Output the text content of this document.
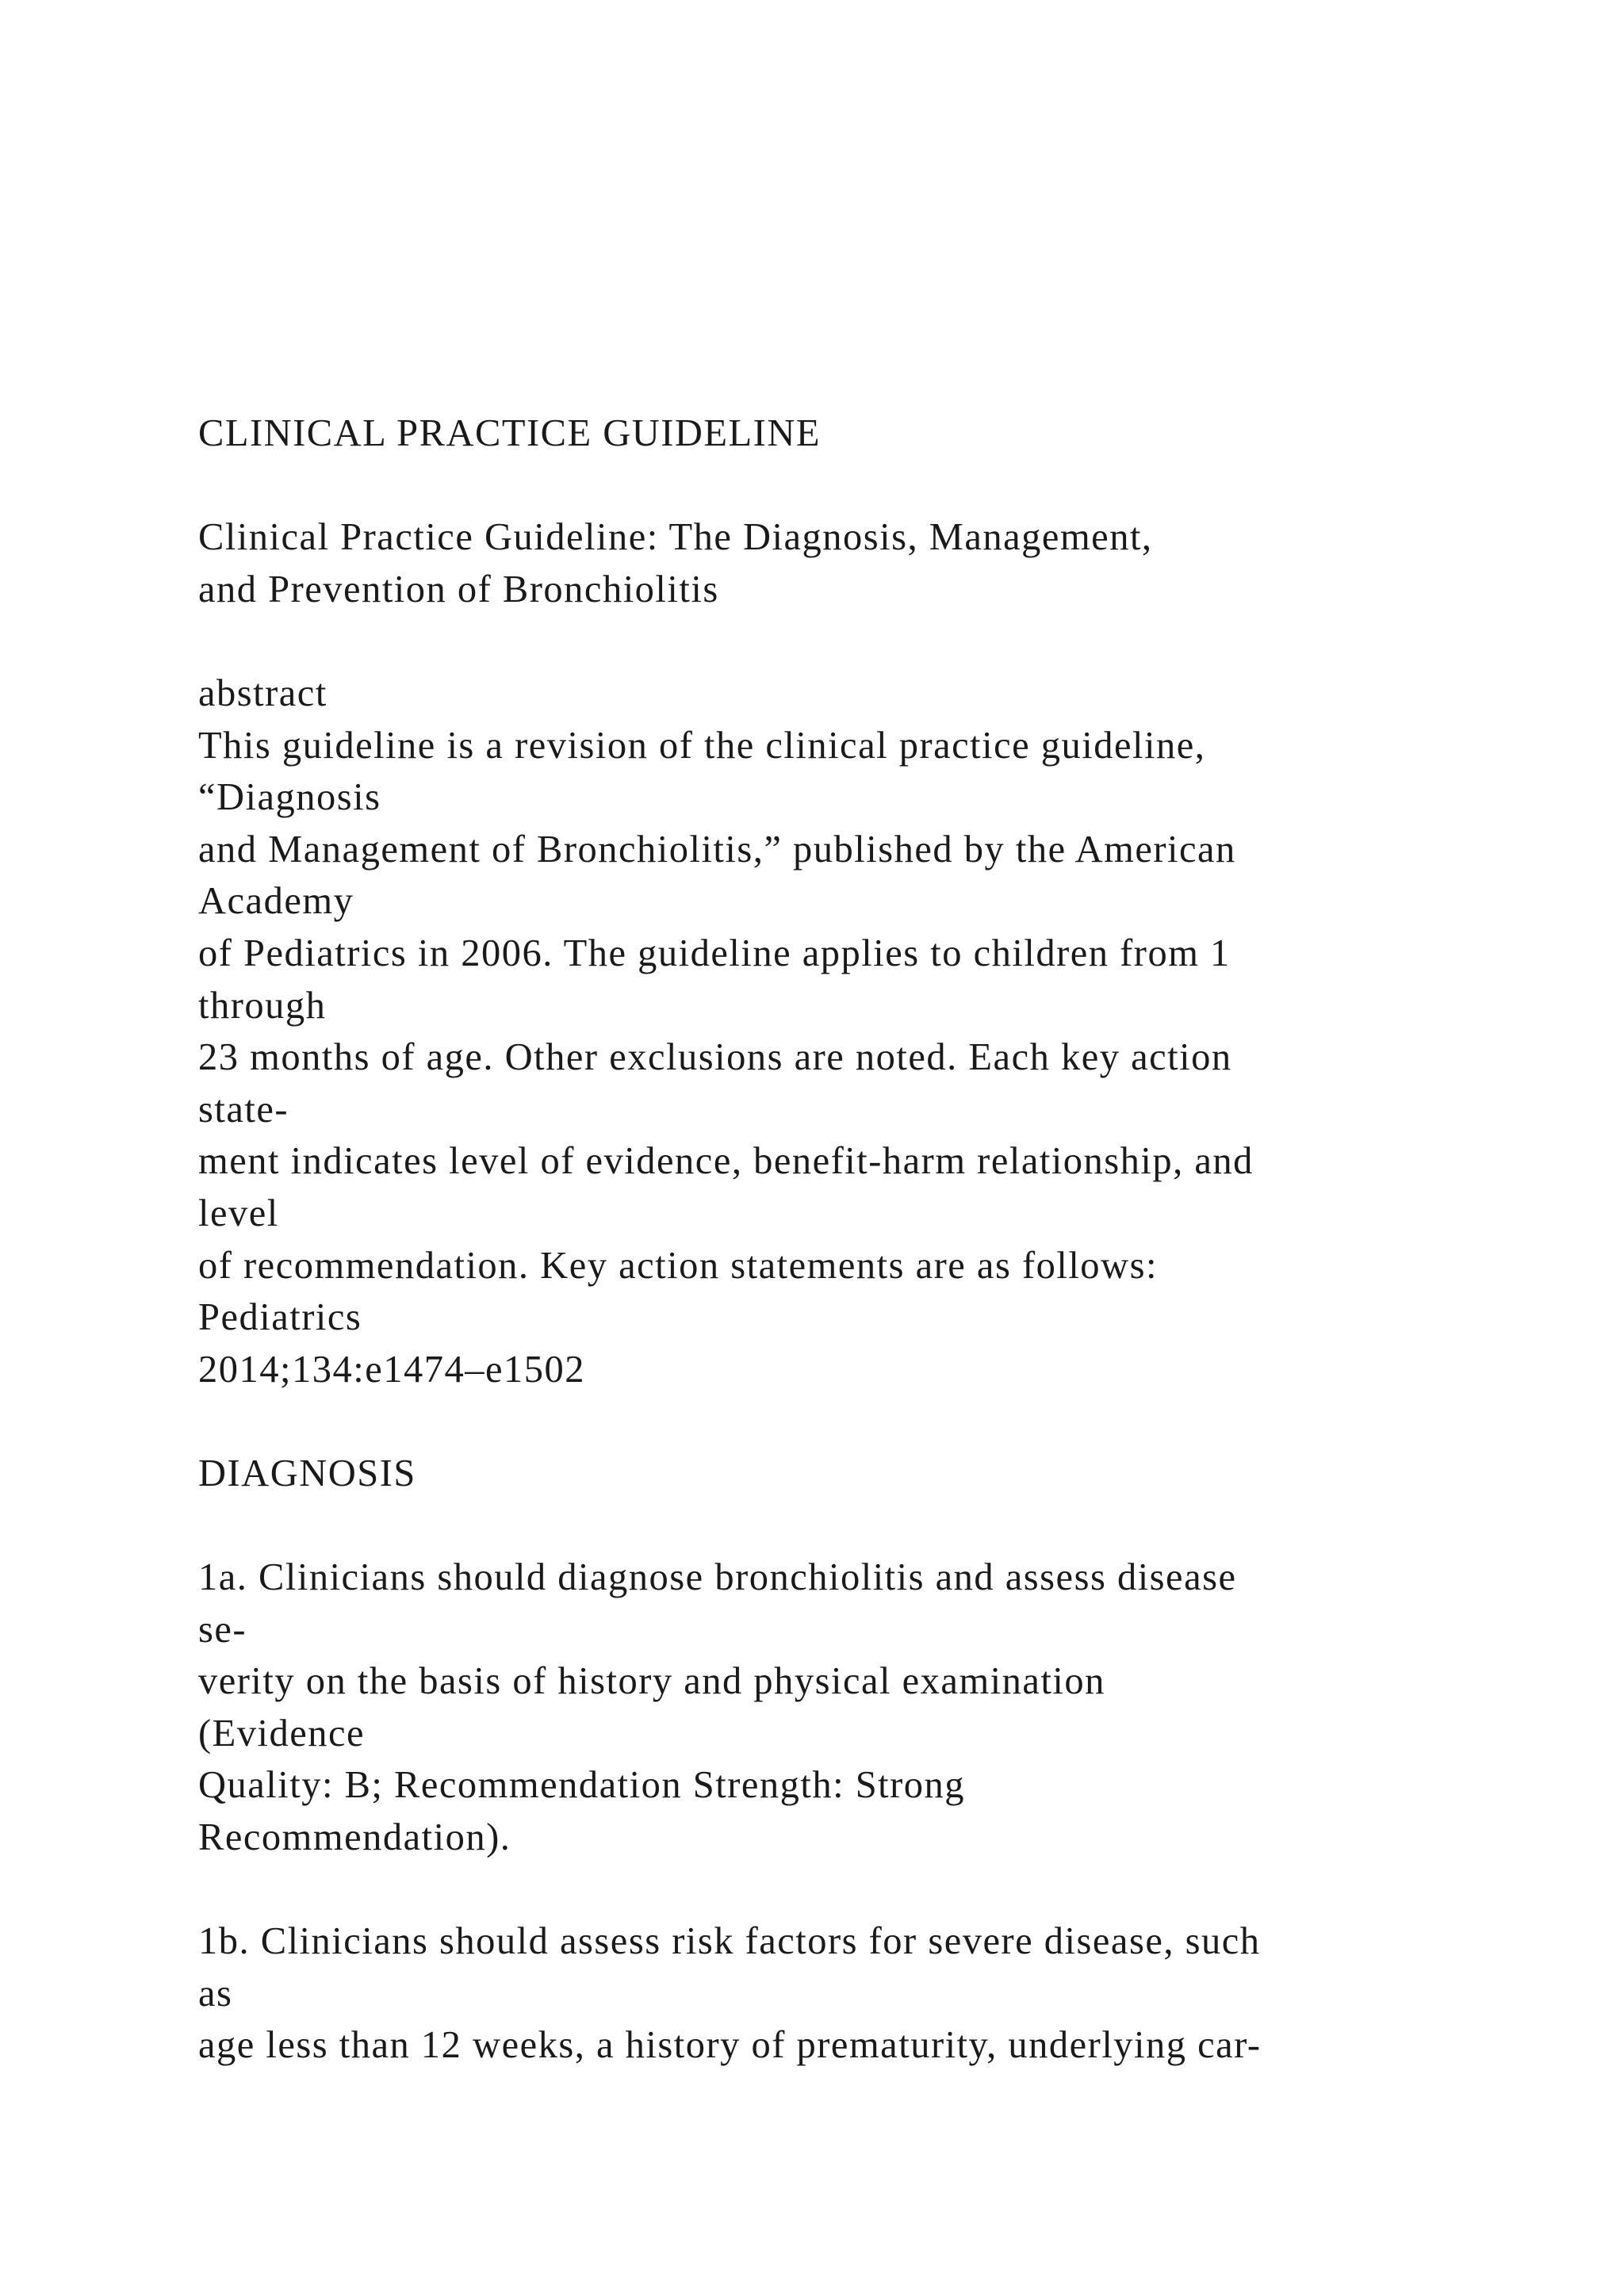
CLINICAL PRACTICE GUIDELINE
Clinical Practice Guideline: The Diagnosis, Management,
and Prevention of Bronchiolitis
abstract
This guideline is a revision of the clinical practice guideline,
“Diagnosis
and Management of Bronchiolitis,” published by the American
Academy
of Pediatrics in 2006. The guideline applies to children from 1
through
23 months of age. Other exclusions are noted. Each key action
state-
ment indicates level of evidence, benefit-harm relationship, and
level
of recommendation. Key action statements are as follows:
Pediatrics
2014;134:e1474–e1502
DIAGNOSIS
1a. Clinicians should diagnose bronchiolitis and assess disease
se-
verity on the basis of history and physical examination
(Evidence
Quality: B; Recommendation Strength: Strong
Recommendation).
1b. Clinicians should assess risk factors for severe disease, such
as
age less than 12 weeks, a history of prematurity, underlying car-
